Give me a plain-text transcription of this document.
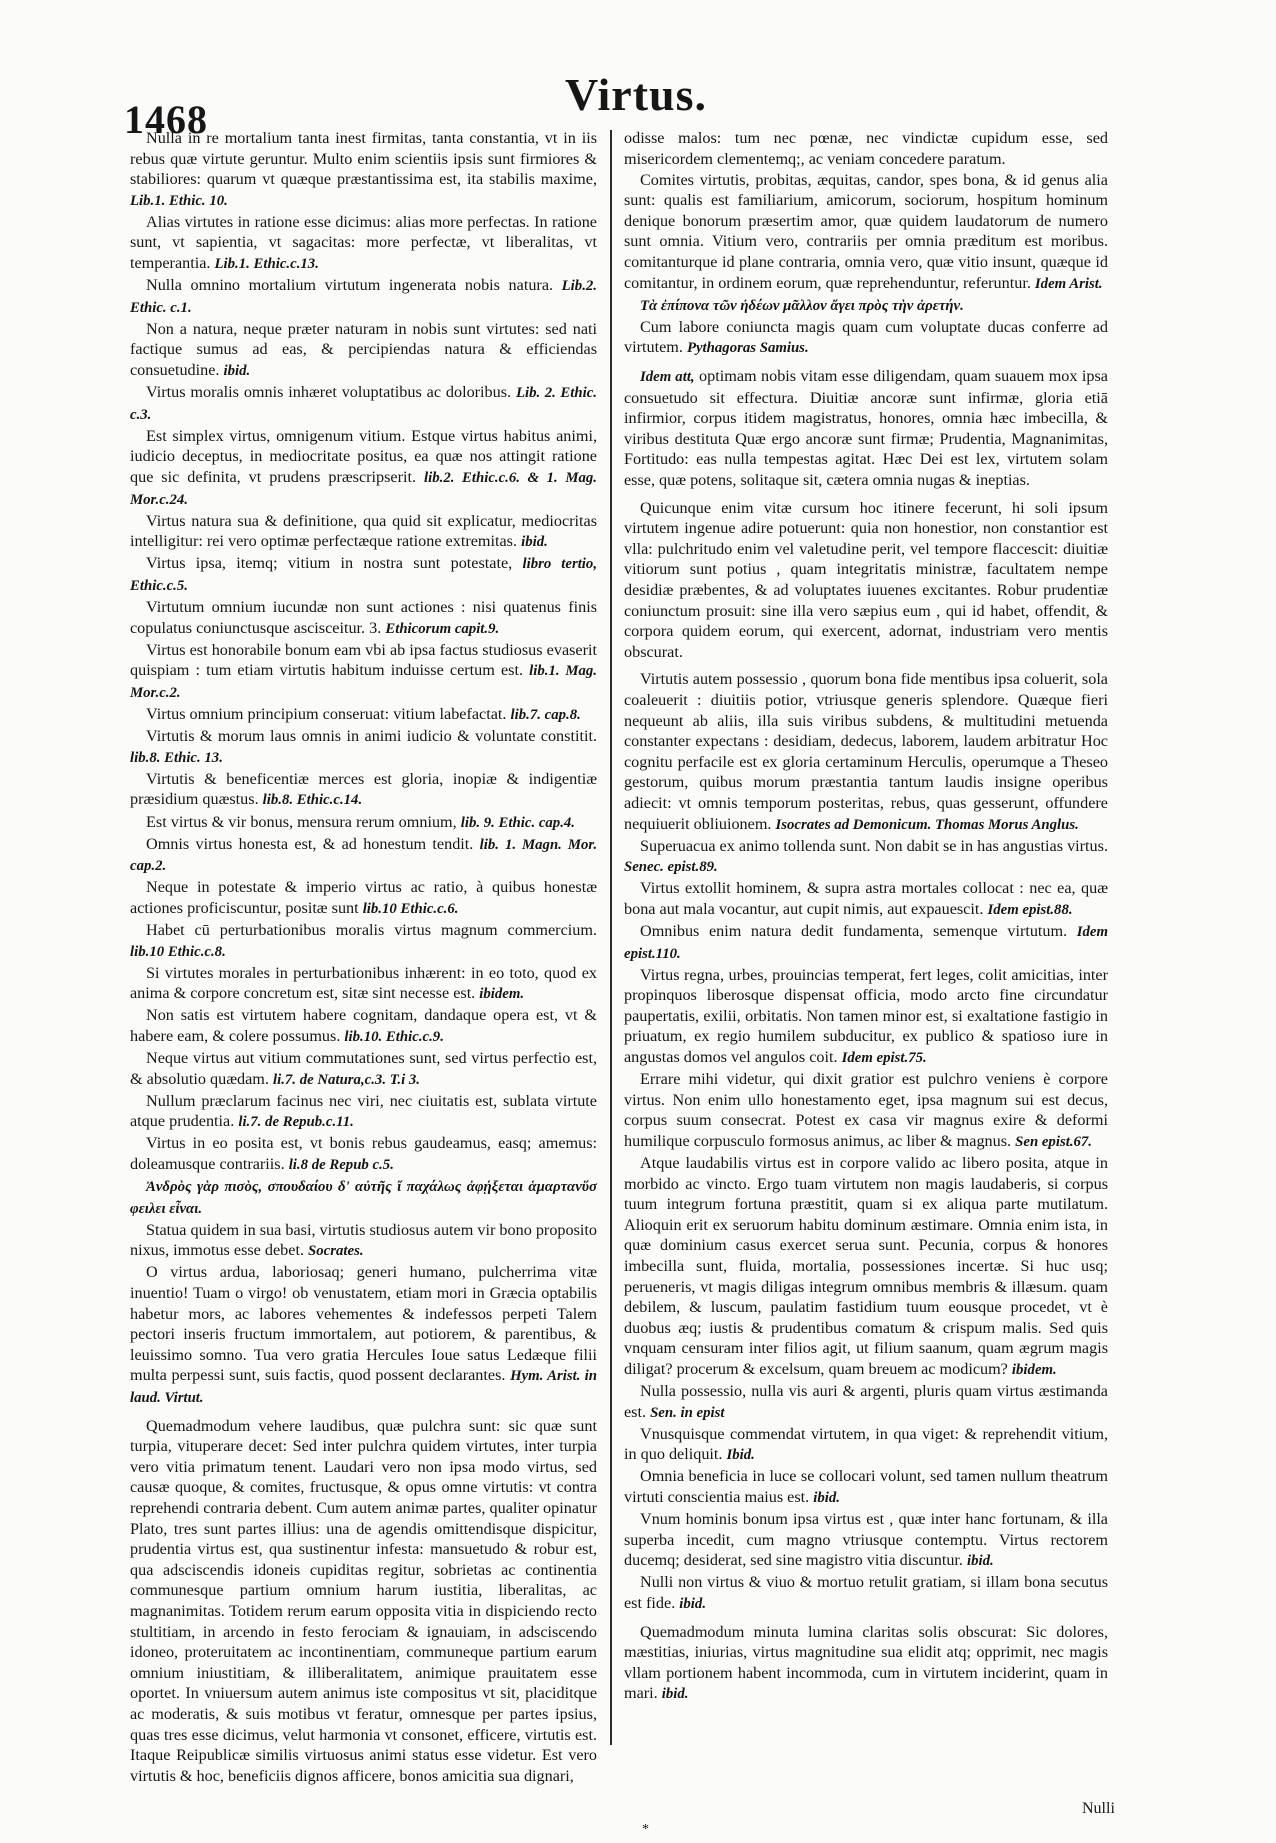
1468	Virtus.

Nulla in re mortalium tanta inest firmitas, tanta constantia, vt in iis rebus quæ virtute geruntur. Multo enim scientiis ipsis sunt firmiores & stabiliores: quarum vt quæque præstantissima est, ita stabilis maxime, Lib.1. Ethic. 10.

Alias virtutes in ratione esse dicimus: alias more perfectas. In ratione sunt, vt sapientia, vt sagacitas: more perfectæ, vt liberalitas, vt temperantia. Lib.1. Ethic.c.13.

Nulla omnino mortalium virtutum ingenerata nobis natura. Lib.2. Ethic. c.1.

Non a natura, neque præter naturam in nobis sunt virtutes: sed nati factique sumus ad eas, & percipiendas natura & efficiendas consuetudine. ibid.

Virtus moralis omnis inhæret voluptatibus ac doloribus. Lib. 2. Ethic. c.3.

Est simplex virtus, omnigenum vitium. Estque virtus habitus animi, iudicio deceptus, in mediocritate positus, ea quæ nos attingit ratione que sic definita, vt prudens præscripserit. lib.2. Ethic.c.6. & 1. Mag. Mor.c.24.

Virtus natura sua & definitione, qua quid sit explicatur, mediocritas intelligitur: rei vero optimæ perfectæque ratione extremitas. ibid.

Virtus ipsa, itemq; vitium in nostra sunt potestate, libro tertio, Ethic.c.5.

Virtutum omnium iucundæ non sunt actiones : nisi quatenus finis copulatus coniunctusque ascisceitur. 3. Ethicorum capit.9.

Virtus est honorabile bonum eam vbi ab ipsa factus studiosus evaserit quispiam : tum etiam virtutis habitum induisse certum est. lib.1. Mag. Mor.c.2.

Virtus omnium principium conseruat: vitium labefactat. lib.7. cap.8.

Virtutis & morum laus omnis in animi iudicio & voluntate constitit. lib.8. Ethic. 13.

Virtutis & beneficentiæ merces est gloria, inopiæ & indigentiæ præsidium quæstus. lib.8. Ethic.c.14.

Est virtus & vir bonus, mensura rerum omnium, lib. 9. Ethic. cap.4.

Omnis virtus honesta est, & ad honestum tendit. lib. 1. Magn. Mor. cap.2.

Neque in potestate & imperio virtus ac ratio, à quibus honestæ actiones proficiscuntur, positæ sunt lib.10 Ethic.c.6.

Habet cū perturbationibus moralis virtus magnum commercium. lib.10 Ethic.c.8.

Si virtutes morales in perturbationibus inhærent: in eo toto, quod ex anima & corpore concretum est, sitæ sint necesse est. ibidem.

Non satis est virtutem habere cognitam, dandaque opera est, vt & habere eam, & colere possumus. lib.10. Ethic.c.9.

Neque virtus aut vitium commutationes sunt, sed virtus perfectio est, & absolutio quædam. li.7. de Natura,c.3. T.i 3.

Nullum præclarum facinus nec viri, nec ciuitatis est, sublata virtute atque prudentia. li.7. de Repub.c.11.

Virtus in eo posita est, vt bonis rebus gaudeamus, easq; amemus: doleamusque contrariis. li.8 de Repub c.5.

Ἀνδρὸς γὰρ πισὸς, σπουδαίου δ' αὐτῆς ἴ παχάλως ἀφῄξεται ἁμαρτανὕσ φειλει εἶναι.

Statua quidem in sua basi, virtutis studiosus autem vir bono proposito nixus, immotus esse debet. Socrates.

O virtus ardua, laboriosaq; generi humano, pulcherrima vitæ inuentio! Tuam o virgo! ob venustatem, etiam mori in Græcia optabilis habetur mors, ac labores vehementes & indefessos perpeti Talem pectori inseris fructum immortalem, aut potiorem, & parentibus, & leuissimo somno. Tua vero gratia Hercules Ioue satus Ledæque filii multa perpessi sunt, suis factis, quod possent declarantes. Hym. Arist. in laud. Virtut.

Quemadmodum vehere laudibus, quæ pulchra sunt: sic quæ sunt turpia, vituperare decet: Sed inter pulchra quidem virtutes, inter turpia vero vitia primatum tenent. Laudari vero non ipsa modo virtus, sed causæ quoque, & comites, fructusque, & opus omne virtutis: vt contra reprehendi contraria debent. Cum autem animæ partes, qualiter opinatur Plato, tres sunt partes illius: una de agendis omittendisque dispicitur, prudentia virtus est, qua sustinentur infesta: mansuetudo & robur est, qua adsciscendis idoneis cupiditas regitur, sobrietas ac continentia communesque partium omnium harum iustitia, liberalitas, ac magnanimitas. Totidem rerum earum opposita vitia in dispiciendo recto stultitiam, in arcendo in festo ferociam & ignauiam, in adsciscendo idoneo, proteruitatem ac incontinentiam, communeque partium earum omnium iniustitiam, & illiberalitatem, animique prauitatem esse oportet. In vniuersum autem animus iste compositus vt sit, placiditque ac moderatis, & suis motibus vt feratur, omnesque per partes ipsius, quas tres esse dicimus, velut harmonia vt consonet, efficere, virtutis est. Itaque Reipublicæ similis virtuosus animi status esse videtur. Est vero virtutis & hoc, beneficiis dignos afficere, bonos amicitia sua dignari,

odisse malos: tum nec pœnæ, nec vindictæ cupidum esse, sed misericordem clementemq;, ac veniam concedere paratum.

Comites virtutis, probitas, æquitas, candor, spes bona, & id genus alia sunt: qualis est familiarium, amicorum, sociorum, hospitum hominum denique bonorum præsertim amor, quæ quidem laudatorum de numero sunt omnia. Vitium vero, contrariis per omnia præditum est moribus. comitanturque id plane contraria, omnia vero, quæ vitio insunt, quæque id comitantur, in ordinem eorum, quæ reprehenduntur, referuntur. Idem Arist.

Τὰ ἐπίπονα τῶν ἡδέων μᾶλλον ἄγει πρὸς τὴν ἀρετήν.

Cum labore coniuncta magis quam cum voluptate ducas conferre ad virtutem. Pythagoras Samius.

Idem att, optimam nobis vitam esse diligendam, quam suauem mox ipsa consuetudo sit effectura. Diuitiæ ancoræ sunt infirmæ, gloria etiā infirmior, corpus itidem magistratus, honores, omnia hæc imbecilla, & viribus destituta Quæ ergo ancoræ sunt firmæ; Prudentia, Magnanimitas, Fortitudo: eas nulla tempestas agitat. Hæc Dei est lex, virtutem solam esse, quæ potens, solitaque sit, cætera omnia nugas & ineptias.

Quicunque enim vitæ cursum hoc itinere fecerunt, hi soli ipsum virtutem ingenue adire potuerunt: quia non honestior, non constantior est vlla: pulchritudo enim vel valetudine perit, vel tempore flaccescit: diuitiæ vitiorum sunt potius , quam integritatis ministræ, facultatem nempe desidiæ præbentes, & ad voluptates iuuenes excitantes. Robur prudentiæ coniunctum prosuit: sine illa vero sæpius eum , qui id habet, offendit, & corpora quidem eorum, qui exercent, adornat, industriam vero mentis obscurat.

Virtutis autem possessio , quorum bona fide mentibus ipsa coluerit, sola coaleuerit : diuitiis potior, vtriusque generis splendore. Quæque fieri nequeunt ab aliis, illa suis viribus subdens, & multitudini metuenda constanter expectans : desidiam, dedecus, laborem, laudem arbitratur Hoc cognitu perfacile est ex gloria certaminum Herculis, operumque a Theseo gestorum, quibus morum præstantia tantum laudis insigne operibus adiecit: vt omnis temporum posteritas, rebus, quas gesserunt, offundere nequiuerit obliuionem. Isocrates ad Demonicum. Thomas Morus Anglus.

Superuacua ex animo tollenda sunt. Non dabit se in has angustias virtus. Senec. epist.89.

Virtus extollit hominem, & supra astra mortales collocat : nec ea, quæ bona aut mala vocantur, aut cupit nimis, aut expauescit. Idem epist.88.

Omnibus enim natura dedit fundamenta, semenque virtutum. Idem epist.110.

Virtus regna, urbes, prouincias temperat, fert leges, colit amicitias, inter propinquos liberosque dispensat officia, modo arcto fine circundatur paupertatis, exilii, orbitatis. Non tamen minor est, si exaltatione fastigio in priuatum, ex regio humilem subducitur, ex publico & spatioso iure in angustas domos vel angulos coit. Idem epist.75.

Errare mihi videtur, qui dixit gratior est pulchro veniens è corpore virtus. Non enim ullo honestamento eget, ipsa magnum sui est decus, corpus suum consecrat. Potest ex casa vir magnus exire & deformi humilique corpusculo formosus animus, ac liber & magnus. Sen epist.67.

Atque laudabilis virtus est in corpore valido ac libero posita, atque in morbido ac vincto. Ergo tuam virtutem non magis laudaberis, si corpus tuum integrum fortuna præstitit, quam si ex aliqua parte mutilatum. Alioquin erit ex seruorum habitu dominum æstimare. Omnia enim ista, in quæ dominium casus exercet serua sunt. Pecunia, corpus & honores imbecilla sunt, fluida, mortalia, possessiones incertæ. Si huc usq; perueneris, vt magis diligas integrum omnibus membris & illæsum. quam debilem, & luscum, paulatim fastidium tuum eousque procedet, vt è duobus æq; iustis & prudentibus comatum & crispum malis. Sed quis vnquam censuram inter filios agit, ut filium saanum, quam ægrum magis diligat? procerum & excelsum, quam breuem ac modicum? ibidem.

Nulla possessio, nulla vis auri & argenti, pluris quam virtus æstimanda est. Sen. in epist

Vnusquisque commendat virtutem, in qua viget: & reprehendit vitium, in quo deliquit. Ibid.

Omnia beneficia in luce se collocari volunt, sed tamen nullum theatrum virtuti conscientia maius est. ibid.

Vnum hominis bonum ipsa virtus est , quæ inter hanc fortunam, & illa superba incedit, cum magno vtriusque contemptu. Virtus rectorem ducemq; desiderat, sed sine magistro vitia discuntur. ibid.

Nulli non virtus & viuo & mortuo retulit gratiam, si illam bona secutus est fide. ibid.

Quemadmodum minuta lumina claritas solis obscurat: Sic dolores, mæstitias, iniurias, virtus magnitudine sua elidit atq; opprimit, nec magis vllam portionem habent incommoda, cum in virtutem inciderint, quam in mari. ibid.

Nulli
*
